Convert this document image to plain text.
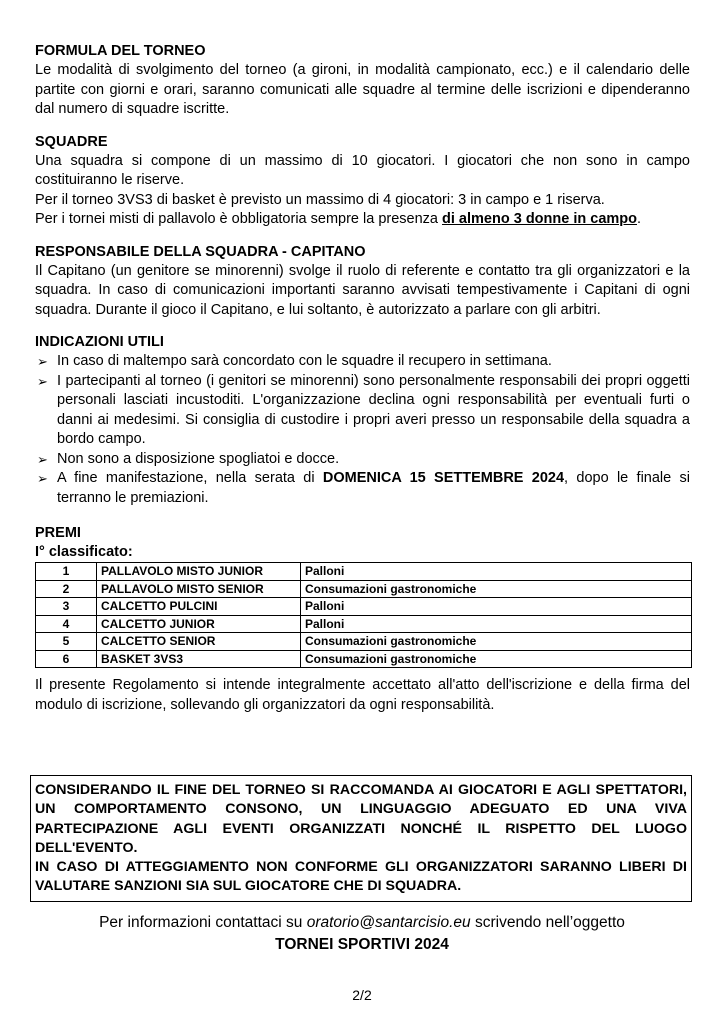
FORMULA DEL TORNEO

Le modalità di svolgimento del torneo (a gironi, in modalità campionato, ecc.) e il calendario delle partite con giorni e orari, saranno comunicati alle squadre al termine delle iscrizioni e dipenderanno dal numero di squadre iscritte.

SQUADRE

Una squadra si compone di un massimo di 10 giocatori. I giocatori che non sono in campo costituiranno le riserve.

Per il torneo 3VS3 di basket è previsto un massimo di 4 giocatori: 3 in campo e 1 riserva.

Per i tornei misti di pallavolo è obbligatoria sempre la presenza di almeno 3 donne in campo.

RESPONSABILE DELLA SQUADRA - CAPITANO

Il Capitano (un genitore se minorenni) svolge il ruolo di referente e contatto tra gli organizzatori e la squadra. In caso di comunicazioni importanti saranno avvisati tempestivamente i Capitani di ogni squadra. Durante il gioco il Capitano, e lui soltanto, è autorizzato a parlare con gli arbitri.

INDICAZIONI UTILI

➢ In caso di maltempo sarà concordato con le squadre il recupero in settimana.
➢ I partecipanti al torneo (i genitori se minorenni) sono personalmente responsabili dei propri oggetti personali lasciati incustoditi. L'organizzazione declina ogni responsabilità per eventuali furti o danni ai medesimi. Si consiglia di custodire i propri averi presso un responsabile della squadra a bordo campo.
➢ Non sono a disposizione spogliatoi e docce.
➢ A fine manifestazione, nella serata di DOMENICA 15 SETTEMBRE 2024, dopo le finale si terranno le premiazioni.

PREMI

I° classificato:

1	PALLAVOLO MISTO JUNIOR	Palloni
2	PALLAVOLO MISTO SENIOR	Consumazioni gastronomiche
3	CALCETTO PULCINI	Palloni
4	CALCETTO JUNIOR	Palloni
5	CALCETTO SENIOR	Consumazioni gastronomiche
6	BASKET 3VS3	Consumazioni gastronomiche

Il presente Regolamento si intende integralmente accettato all'atto dell'iscrizione e della firma del modulo di iscrizione, sollevando gli organizzatori da ogni responsabilità.

CONSIDERANDO IL FINE DEL TORNEO SI RACCOMANDA AI GIOCATORI E AGLI SPETTATORI, UN COMPORTAMENTO CONSONO, UN LINGUAGGIO ADEGUATO ED UNA VIVA PARTECIPAZIONE AGLI EVENTI ORGANIZZATI NONCHÉ IL RISPETTO DEL LUOGO DELL'EVENTO.

IN CASO DI ATTEGGIAMENTO NON CONFORME GLI ORGANIZZATORI SARANNO LIBERI DI VALUTARE SANZIONI SIA SUL GIOCATORE CHE DI SQUADRA.

Per informazioni contattaci su oratorio@santarcisio.eu scrivendo nell’oggetto
TORNEI SPORTIVI 2024
2/2
